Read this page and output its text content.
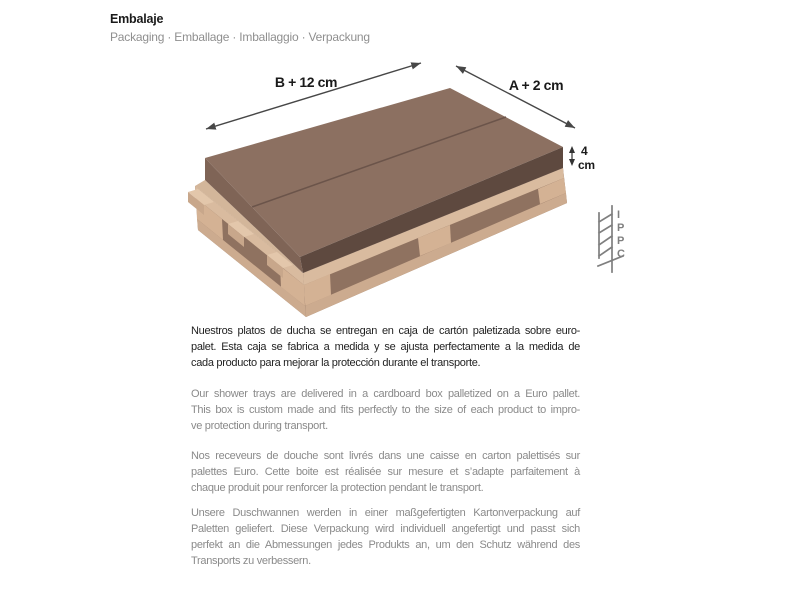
Embalaje
Packaging · Emballage · Imballaggio · Verpackung
B + 12 cm	A + 2 cm
4
cm
I
P
P
C
Nuestros platos de ducha se entregan en caja de cartón paletizada sobre euro-
palet. Esta caja se fabrica a medida y se ajusta perfectamente a la medida de
cada producto para mejorar la protección durante el transporte.
Our shower trays are delivered in a cardboard box palletized on a Euro pallet.
This box is custom made and fits perfectly to the size of each product to impro-
ve protection during transport.
Nos receveurs de douche sont livrés dans une caisse en carton palettisés sur
palettes Euro. Cette boite est réalisée sur mesure et s’adapte parfaitement à
chaque produit pour renforcer la protection pendant le transport.
Unsere Duschwannen werden in einer maßgefertigten Kartonverpackung auf
Paletten geliefert. Diese Verpackung wird individuell angefertigt und passt sich
perfekt an die Abmessungen jedes Produkts an, um den Schutz während des
Transports zu verbessern.
